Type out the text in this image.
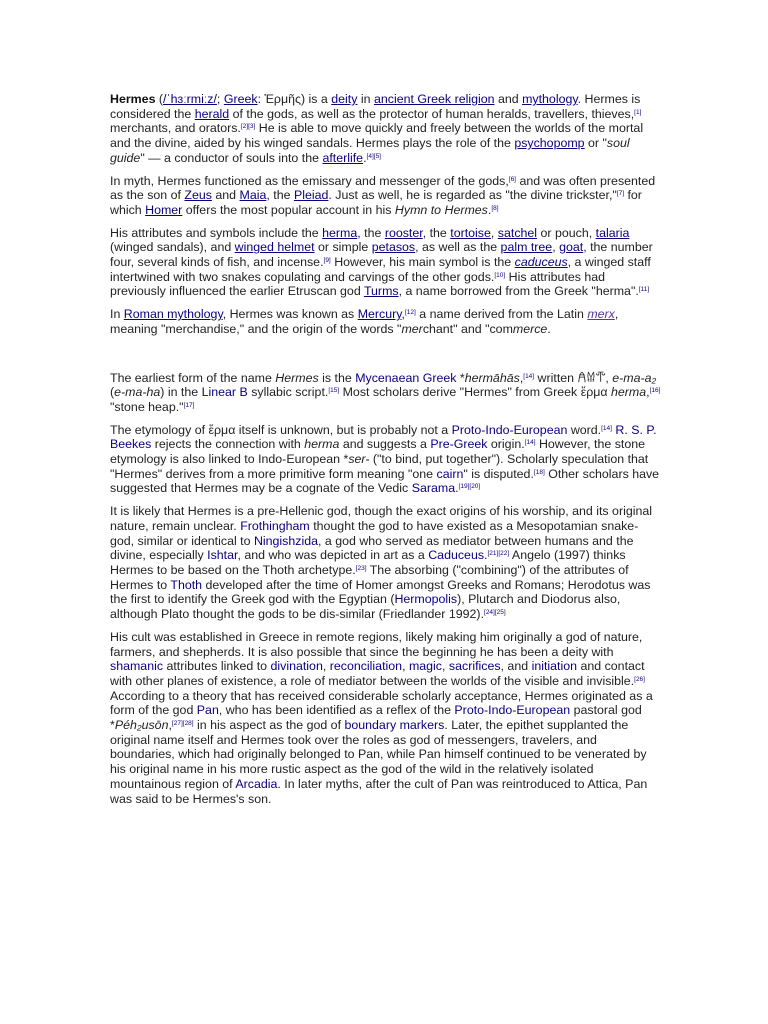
Hermes (/ˈhɜːrmiːz/; Greek: Ἑρμῆς) is a deity in ancient Greek religion and mythology. Hermes is considered the herald of the gods, as well as the protector of human heralds, travellers, thieves,[1] merchants, and orators.[2][3] He is able to move quickly and freely between the worlds of the mortal and the divine, aided by his winged sandals. Hermes plays the role of the psychopomp or "soul guide" — a conductor of souls into the afterlife.[4][5]

In myth, Hermes functioned as the emissary and messenger of the gods,[6] and was often presented as the son of Zeus and Maia, the Pleiad. Just as well, he is regarded as "the divine trickster,"[7] for which Homer offers the most popular account in his Hymn to Hermes.[8]

His attributes and symbols include the herma, the rooster, the tortoise, satchel or pouch, talaria (winged sandals), and winged helmet or simple petasos, as well as the palm tree, goat, the number four, several kinds of fish, and incense.[9] However, his main symbol is the caduceus, a winged staff intertwined with two snakes copulating and carvings of the other gods.[10] His attributes had previously influenced the earlier Etruscan god Turms, a name borrowed from the Greek "herma".[11]

In Roman mythology, Hermes was known as Mercury,[12] a name derived from the Latin merx, meaning "merchandise," and the origin of the words "merchant" and "commerce.

The earliest form of the name Hermes is the Mycenaean Greek *hermāhās,[14] written 𐀁𐀔𐁀, e-ma-a₂ (e-ma-ha) in the Linear B syllabic script.[15] Most scholars derive "Hermes" from Greek ἕρμα herma,[16] "stone heap."[17]

The etymology of ἕρμα itself is unknown, but is probably not a Proto-Indo-European word.[14] R. S. P. Beekes rejects the connection with herma and suggests a Pre-Greek origin.[14] However, the stone etymology is also linked to Indo-European *ser- ("to bind, put together"). Scholarly speculation that "Hermes" derives from a more primitive form meaning "one cairn" is disputed.[18] Other scholars have suggested that Hermes may be a cognate of the Vedic Sarama.[19][20]

It is likely that Hermes is a pre-Hellenic god, though the exact origins of his worship, and its original nature, remain unclear. Frothingham thought the god to have existed as a Mesopotamian snake-god, similar or identical to Ningishzida, a god who served as mediator between humans and the divine, especially Ishtar, and who was depicted in art as a Caduceus.[21][22] Angelo (1997) thinks Hermes to be based on the Thoth archetype.[23] The absorbing ("combining") of the attributes of Hermes to Thoth developed after the time of Homer amongst Greeks and Romans; Herodotus was the first to identify the Greek god with the Egyptian (Hermopolis), Plutarch and Diodorus also, although Plato thought the gods to be dis-similar (Friedlander 1992).[24][25]

His cult was established in Greece in remote regions, likely making him originally a god of nature, farmers, and shepherds. It is also possible that since the beginning he has been a deity with shamanic attributes linked to divination, reconciliation, magic, sacrifices, and initiation and contact with other planes of existence, a role of mediator between the worlds of the visible and invisible.[26] According to a theory that has received considerable scholarly acceptance, Hermes originated as a form of the god Pan, who has been identified as a reflex of the Proto-Indo-European pastoral god *Péh₂usōn,[27][28] in his aspect as the god of boundary markers. Later, the epithet supplanted the original name itself and Hermes took over the roles as god of messengers, travelers, and boundaries, which had originally belonged to Pan, while Pan himself continued to be venerated by his original name in his more rustic aspect as the god of the wild in the relatively isolated mountainous region of Arcadia. In later myths, after the cult of Pan was reintroduced to Attica, Pan was said to be Hermes's son.
